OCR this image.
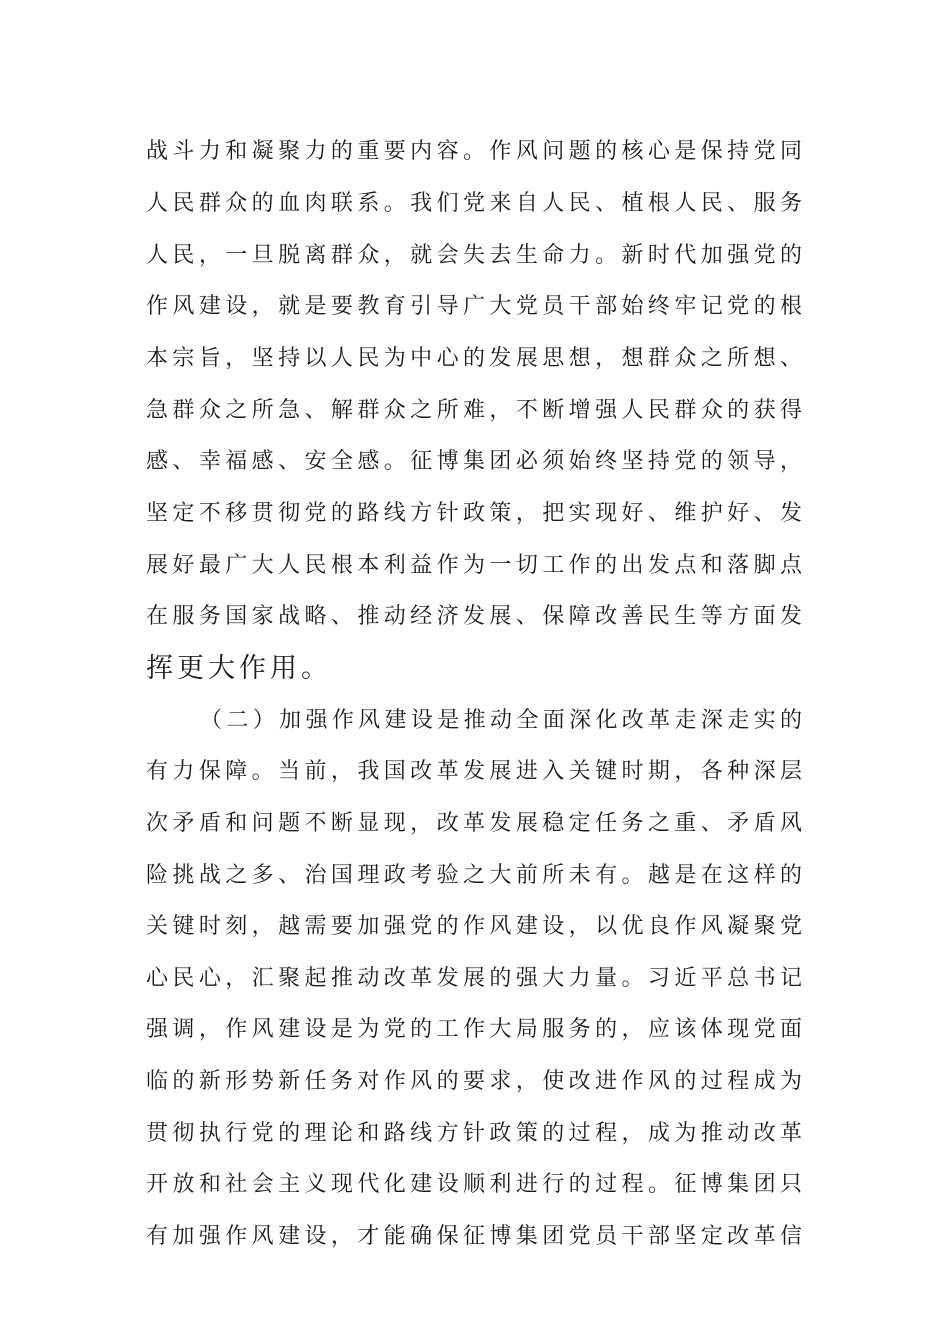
战斗力和凝聚力的重要内容。作风问题的核心是保持党同
人民群众的血肉联系。我们党来自人民、植根人民、服务
人民，一旦脱离群众，就会失去生命力。新时代加强党的
作风建设，就是要教育引导广大党员干部始终牢记党的根
本宗旨，坚持以人民为中心的发展思想，想群众之所想、
急群众之所急、解群众之所难，不断增强人民群众的获得
感、幸福感、安全感。征博集团必须始终坚持党的领导，
坚定不移贯彻党的路线方针政策，把实现好、维护好、发
展好最广大人民根本利益作为一切工作的出发点和落脚点
在服务国家战略、推动经济发展、保障改善民生等方面发
挥更大作用。
（二）加强作风建设是推动全面深化改革走深走实的
有力保障。当前，我国改革发展进入关键时期，各种深层
次矛盾和问题不断显现，改革发展稳定任务之重、矛盾风
险挑战之多、治国理政考验之大前所未有。越是在这样的
关键时刻，越需要加强党的作风建设，以优良作风凝聚党
心民心，汇聚起推动改革发展的强大力量。习近平总书记
强调，作风建设是为党的工作大局服务的，应该体现党面
临的新形势新任务对作风的要求，使改进作风的过程成为
贯彻执行党的理论和路线方针政策的过程，成为推动改革
开放和社会主义现代化建设顺利进行的过程。征博集团只
有加强作风建设，才能确保征博集团党员干部坚定改革信
